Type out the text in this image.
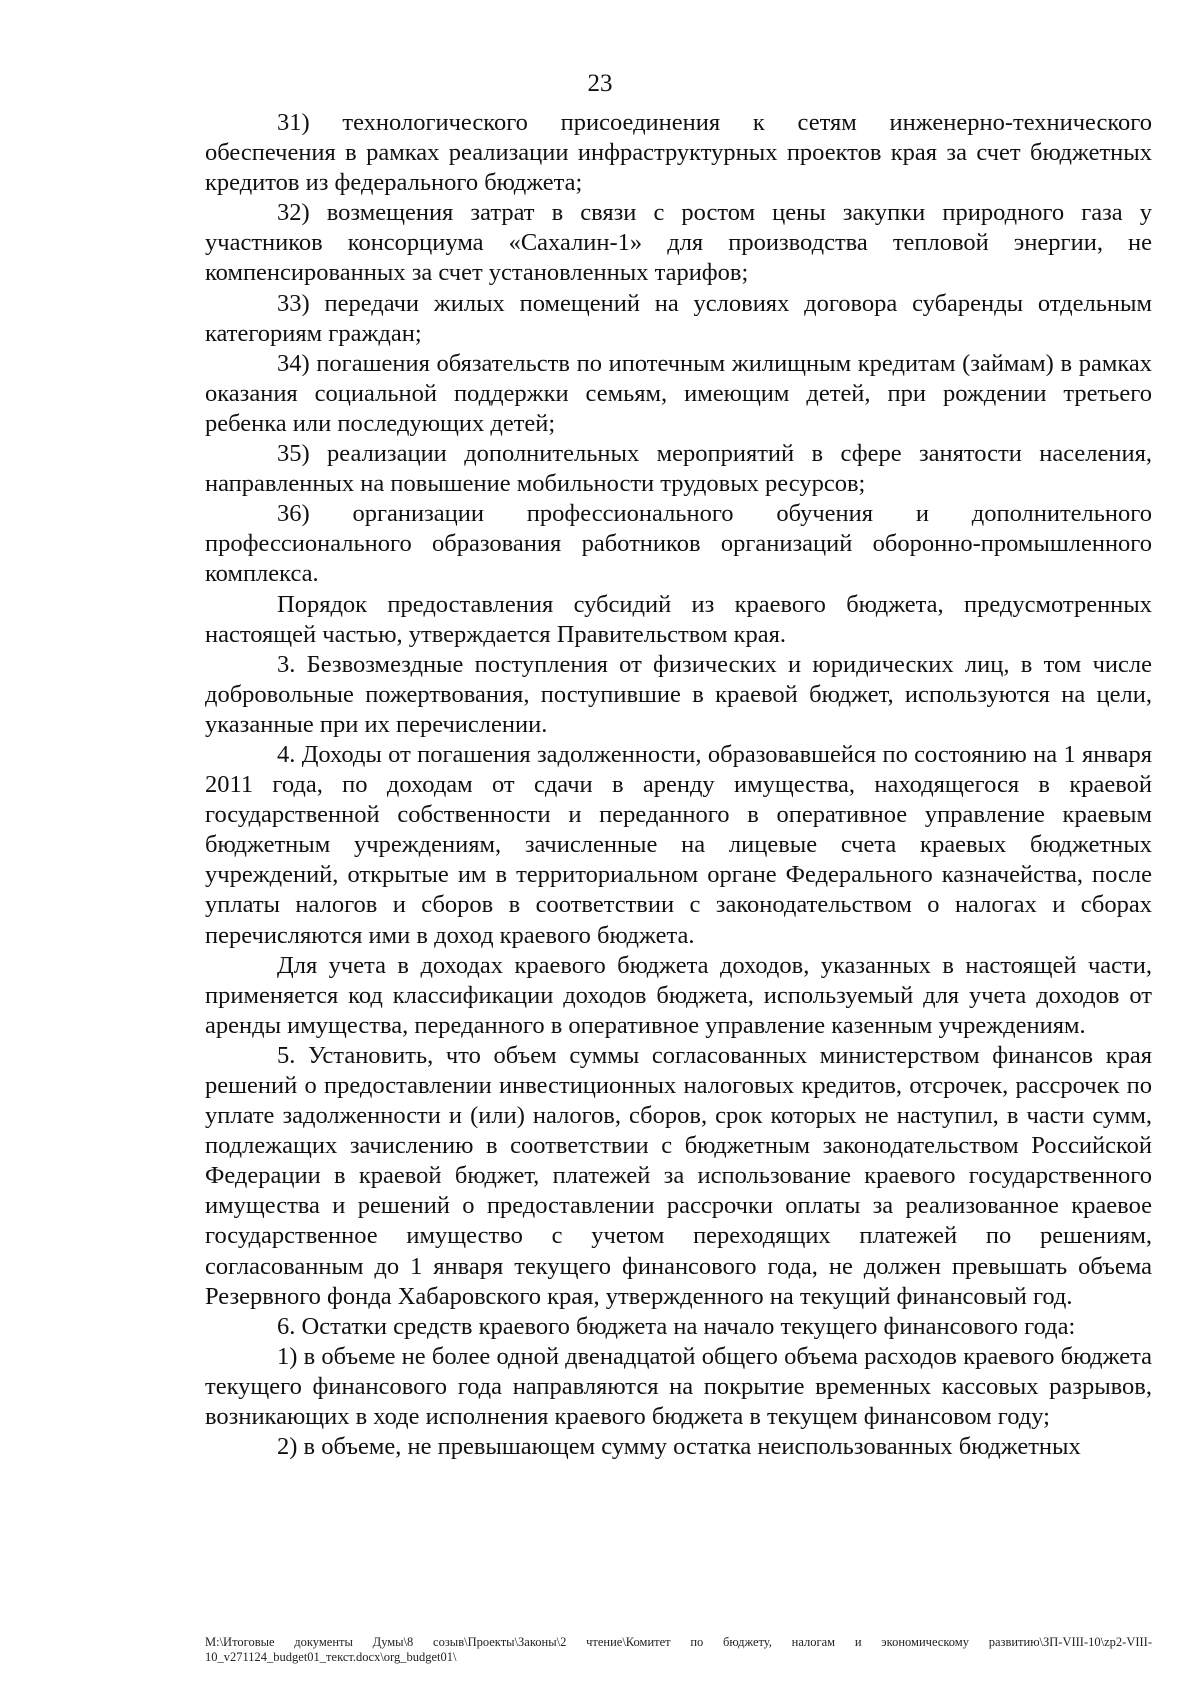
23

31) технологического присоединения к сетям инженерно-технического обеспечения в рамках реализации инфраструктурных проектов края за счет бюджетных кредитов из федерального бюджета;

32) возмещения затрат в связи с ростом цены закупки природного газа у участников консорциума «Сахалин-1» для производства тепловой энергии, не компенсированных за счет установленных тарифов;

33) передачи жилых помещений на условиях договора субаренды отдельным категориям граждан;

34) погашения обязательств по ипотечным жилищным кредитам (займам) в рамках оказания социальной поддержки семьям, имеющим детей, при рождении третьего ребенка или последующих детей;

35) реализации дополнительных мероприятий в сфере занятости населения, направленных на повышение мобильности трудовых ресурсов;

36) организации профессионального обучения и дополнительного профессионального образования работников организаций оборонно-промышленного комплекса.

Порядок предоставления субсидий из краевого бюджета, предусмотренных настоящей частью, утверждается Правительством края.

3. Безвозмездные поступления от физических и юридических лиц, в том числе добровольные пожертвования, поступившие в краевой бюджет, используются на цели, указанные при их перечислении.

4. Доходы от погашения задолженности, образовавшейся по состоянию на 1 января 2011 года, по доходам от сдачи в аренду имущества, находящегося в краевой государственной собственности и переданного в оперативное управление краевым бюджетным учреждениям, зачисленные на лицевые счета краевых бюджетных учреждений, открытые им в территориальном органе Федерального казначейства, после уплаты налогов и сборов в соответствии с законодательством о налогах и сборах перечисляются ими в доход краевого бюджета.

Для учета в доходах краевого бюджета доходов, указанных в настоящей части, применяется код классификации доходов бюджета, используемый для учета доходов от аренды имущества, переданного в оперативное управление казенным учреждениям.

5. Установить, что объем суммы согласованных министерством финансов края решений о предоставлении инвестиционных налоговых кредитов, отсрочек, рассрочек по уплате задолженности и (или) налогов, сборов, срок которых не наступил, в части сумм, подлежащих зачислению в соответствии с бюджетным законодательством Российской Федерации в краевой бюджет, платежей за использование краевого государственного имущества и решений о предоставлении рассрочки оплаты за реализованное краевое государственное имущество с учетом переходящих платежей по решениям, согласованным до 1 января текущего финансового года, не должен превышать объема Резервного фонда Хабаровского края, утвержденного на текущий финансовый год.

6. Остатки средств краевого бюджета на начало текущего финансового года:

1) в объеме не более одной двенадцатой общего объема расходов краевого бюджета текущего финансового года направляются на покрытие временных кассовых разрывов, возникающих в ходе исполнения краевого бюджета в текущем финансовом году;

2) в объеме, не превышающем сумму остатка неиспользованных бюджетных

M:\Итоговые документы Думы\8 созыв\Проекты\Законы\2 чтение\Комитет по бюджету, налогам и экономическому развитию\ЗП-VIII-10\zp2-VIII-10_v271124_budget01_текст.docx\org_budget01\
